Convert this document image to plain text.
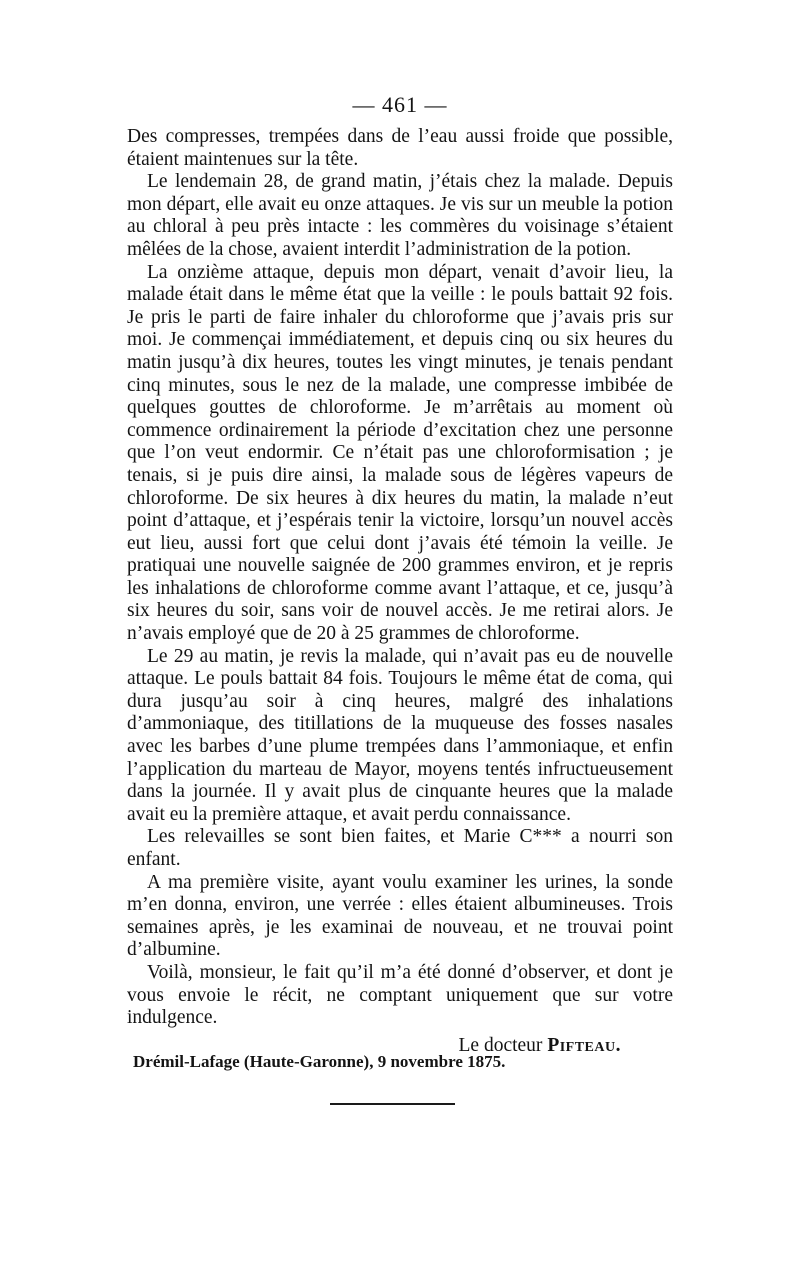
— 461 —

Des compresses, trempées dans de l’eau aussi froide que possible, étaient maintenues sur la tête.

Le lendemain 28, de grand matin, j’étais chez la malade. Depuis mon départ, elle avait eu onze attaques. Je vis sur un meuble la potion au chloral à peu près intacte : les commères du voisinage s’étaient mêlées de la chose, avaient interdit l’administration de la potion.

La onzième attaque, depuis mon départ, venait d’avoir lieu, la malade était dans le même état que la veille : le pouls battait 92 fois. Je pris le parti de faire inhaler du chloroforme que j’avais pris sur moi. Je commençai immédiatement, et depuis cinq ou six heures du matin jusqu’à dix heures, toutes les vingt minutes, je tenais pendant cinq minutes, sous le nez de la malade, une compresse imbibée de quelques gouttes de chloroforme. Je m’arrêtais au moment où commence ordinairement la période d’excitation chez une personne que l’on veut endormir. Ce n’était pas une chloroformisation ; je tenais, si je puis dire ainsi, la malade sous de légères vapeurs de chloroforme. De six heures à dix heures du matin, la malade n’eut point d’attaque, et j’espérais tenir la victoire, lorsqu’un nouvel accès eut lieu, aussi fort que celui dont j’avais été témoin la veille. Je pratiquai une nouvelle saignée de 200 grammes environ, et je repris les inhalations de chloroforme comme avant l’attaque, et ce, jusqu’à six heures du soir, sans voir de nouvel accès. Je me retirai alors. Je n’avais employé que de 20 à 25 grammes de chloroforme.

Le 29 au matin, je revis la malade, qui n’avait pas eu de nouvelle attaque. Le pouls battait 84 fois. Toujours le même état de coma, qui dura jusqu’au soir à cinq heures, malgré des inhalations d’ammoniaque, des titillations de la muqueuse des fosses nasales avec les barbes d’une plume trempées dans l’ammoniaque, et enfin l’application du marteau de Mayor, moyens tentés infructueusement dans la journée. Il y avait plus de cinquante heures que la malade avait eu la première attaque, et avait perdu connaissance.

Les relevailles se sont bien faites, et Marie C*** a nourri son enfant.

A ma première visite, ayant voulu examiner les urines, la sonde m’en donna, environ, une verrée : elles étaient albumineuses. Trois semaines après, je les examinai de nouveau, et ne trouvai point d’albumine.

Voilà, monsieur, le fait qu’il m’a été donné d’observer, et dont je vous envoie le récit, ne comptant uniquement que sur votre indulgence.

Le docteur Pifteau.
Drémil-Lafage (Haute-Garonne), 9 novembre 1875.
